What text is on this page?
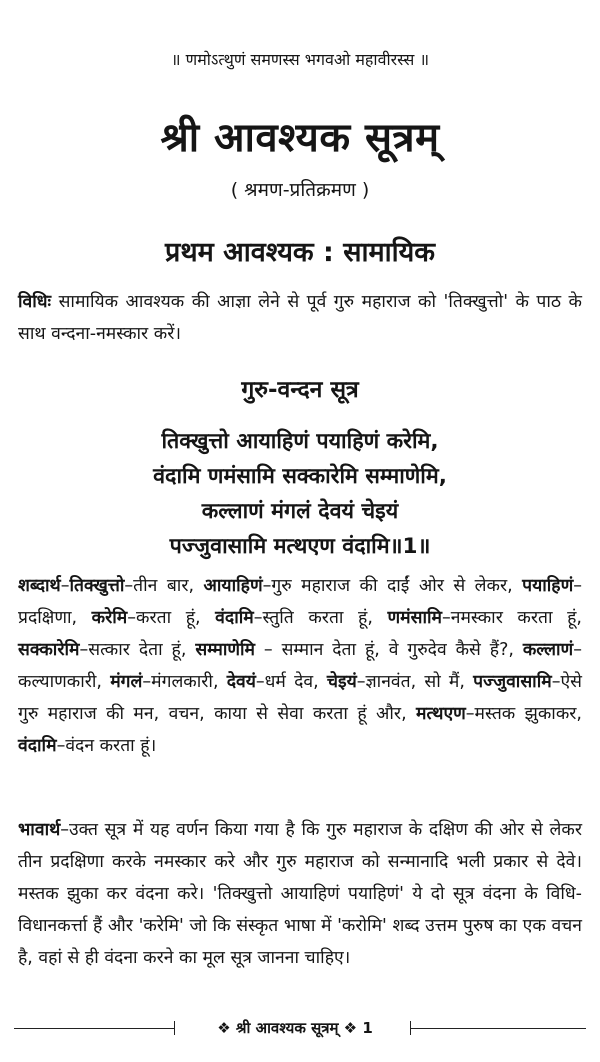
॥ णमोऽत्थुणं समणस्स भगवओ महावीरस्स ॥
श्री आवश्यक सूत्रम्
( श्रमण-प्रतिक्रमण )
प्रथम आवश्यक : सामायिक

विधिः सामायिक आवश्यक की आज्ञा लेने से पूर्व गुरु महाराज को 'तिक्खुत्तो' के पाठ के साथ वन्दना-नमस्कार करें।

गुरु-वन्दन सूत्र
तिक्खुत्तो आयाहिणं पयाहिणं करेमि,
वंदामि णमंसामि सक्कारेमि सम्माणेमि,
कल्लाणं मंगलं देवयं चेइयं
पज्जुवासामि मत्थएण वंदामि॥1॥

शब्दार्थ–तिक्खुत्तो–तीन बार, आयाहिणं–गुरु महाराज की दाईं ओर से लेकर, पयाहिणं–प्रदक्षिणा, करेमि–करता हूं, वंदामि–स्तुति करता हूं, णमंसामि–नमस्कार करता हूं, सक्कारेमि–सत्कार देता हूं, सम्माणेमि – सम्मान देता हूं, वे गुरुदेव कैसे हैं?, कल्लाणं–कल्याणकारी, मंगलं–मंगलकारी, देवयं–धर्म देव, चेइयं–ज्ञानवंत, सो मैं, पज्जुवासामि–ऐसे गुरु महाराज की मन, वचन, काया से सेवा करता हूं और, मत्थएण–मस्तक झुकाकर, वंदामि–वंदन करता हूं।

भावार्थ–उक्त सूत्र में यह वर्णन किया गया है कि गुरु महाराज के दक्षिण की ओर से लेकर तीन प्रदक्षिणा करके नमस्कार करे और गुरु महाराज को सन्मानादि भली प्रकार से देवे। मस्तक झुका कर वंदना करे। 'तिक्खुत्तो आयाहिणं पयाहिणं' ये दो सूत्र वंदना के विधि-विधानकर्त्ता हैं और 'करेमि' जो कि संस्कृत भाषा में 'करोमि' शब्द उत्तम पुरुष का एक वचन है, वहां से ही वंदना करने का मूल सूत्र जानना चाहिए।

❖ श्री आवश्यक सूत्रम् ❖ 1
